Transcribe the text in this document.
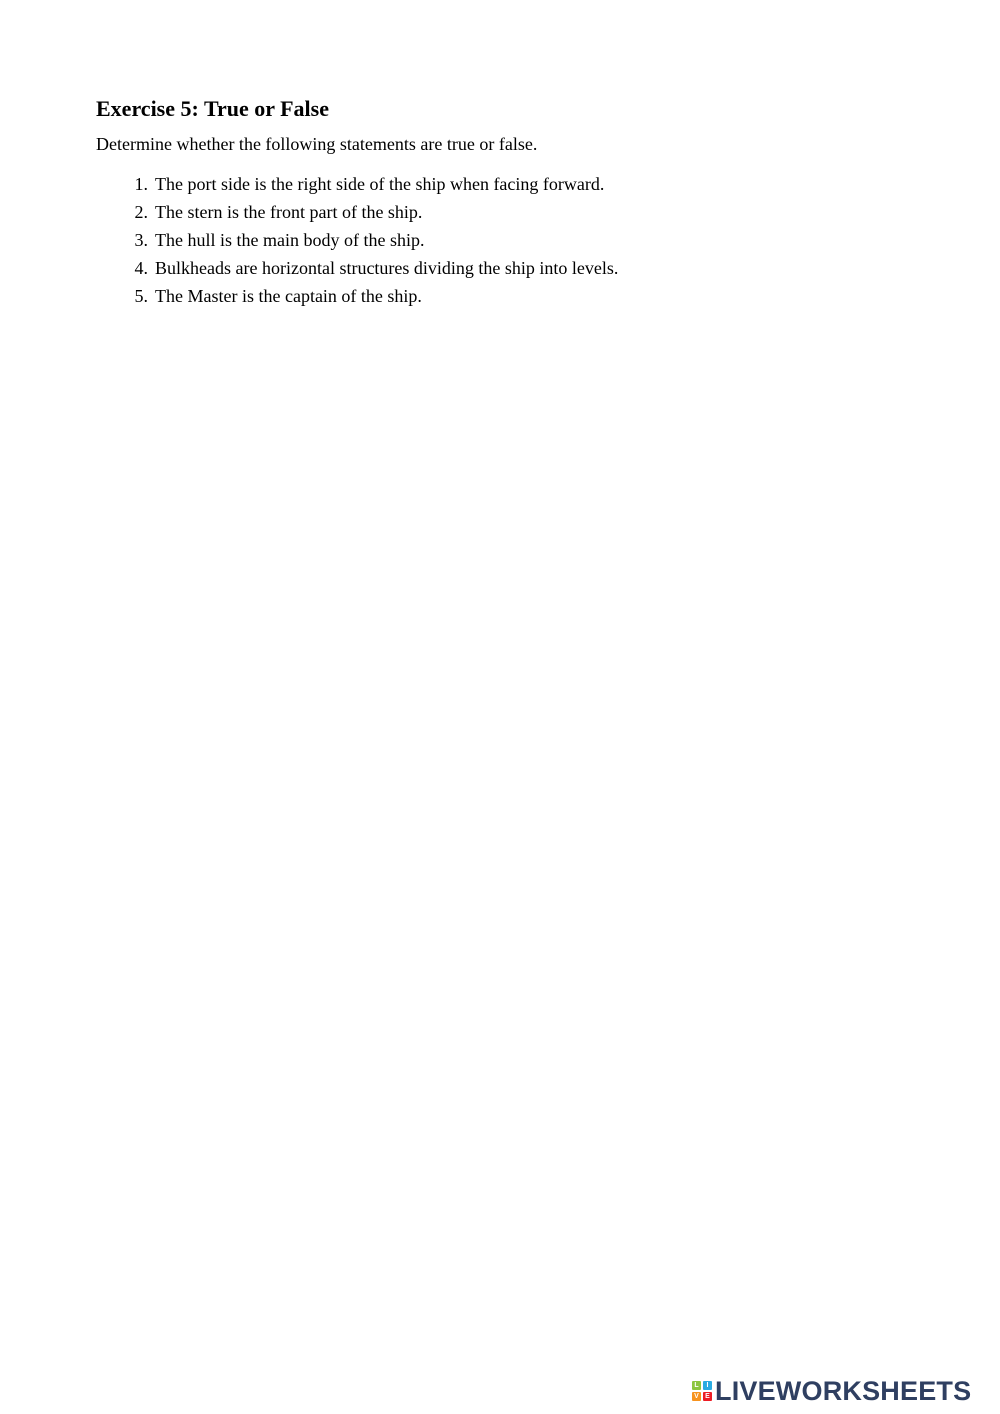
Exercise 5: True or False

Determine whether the following statements are true or false.

1. The port side is the right side of the ship when facing forward.
2. The stern is the front part of the ship.
3. The hull is the main body of the ship.
4. Bulkheads are horizontal structures dividing the ship into levels.
5. The Master is the captain of the ship.
L	I
V E LIVEWORKSHEETS
